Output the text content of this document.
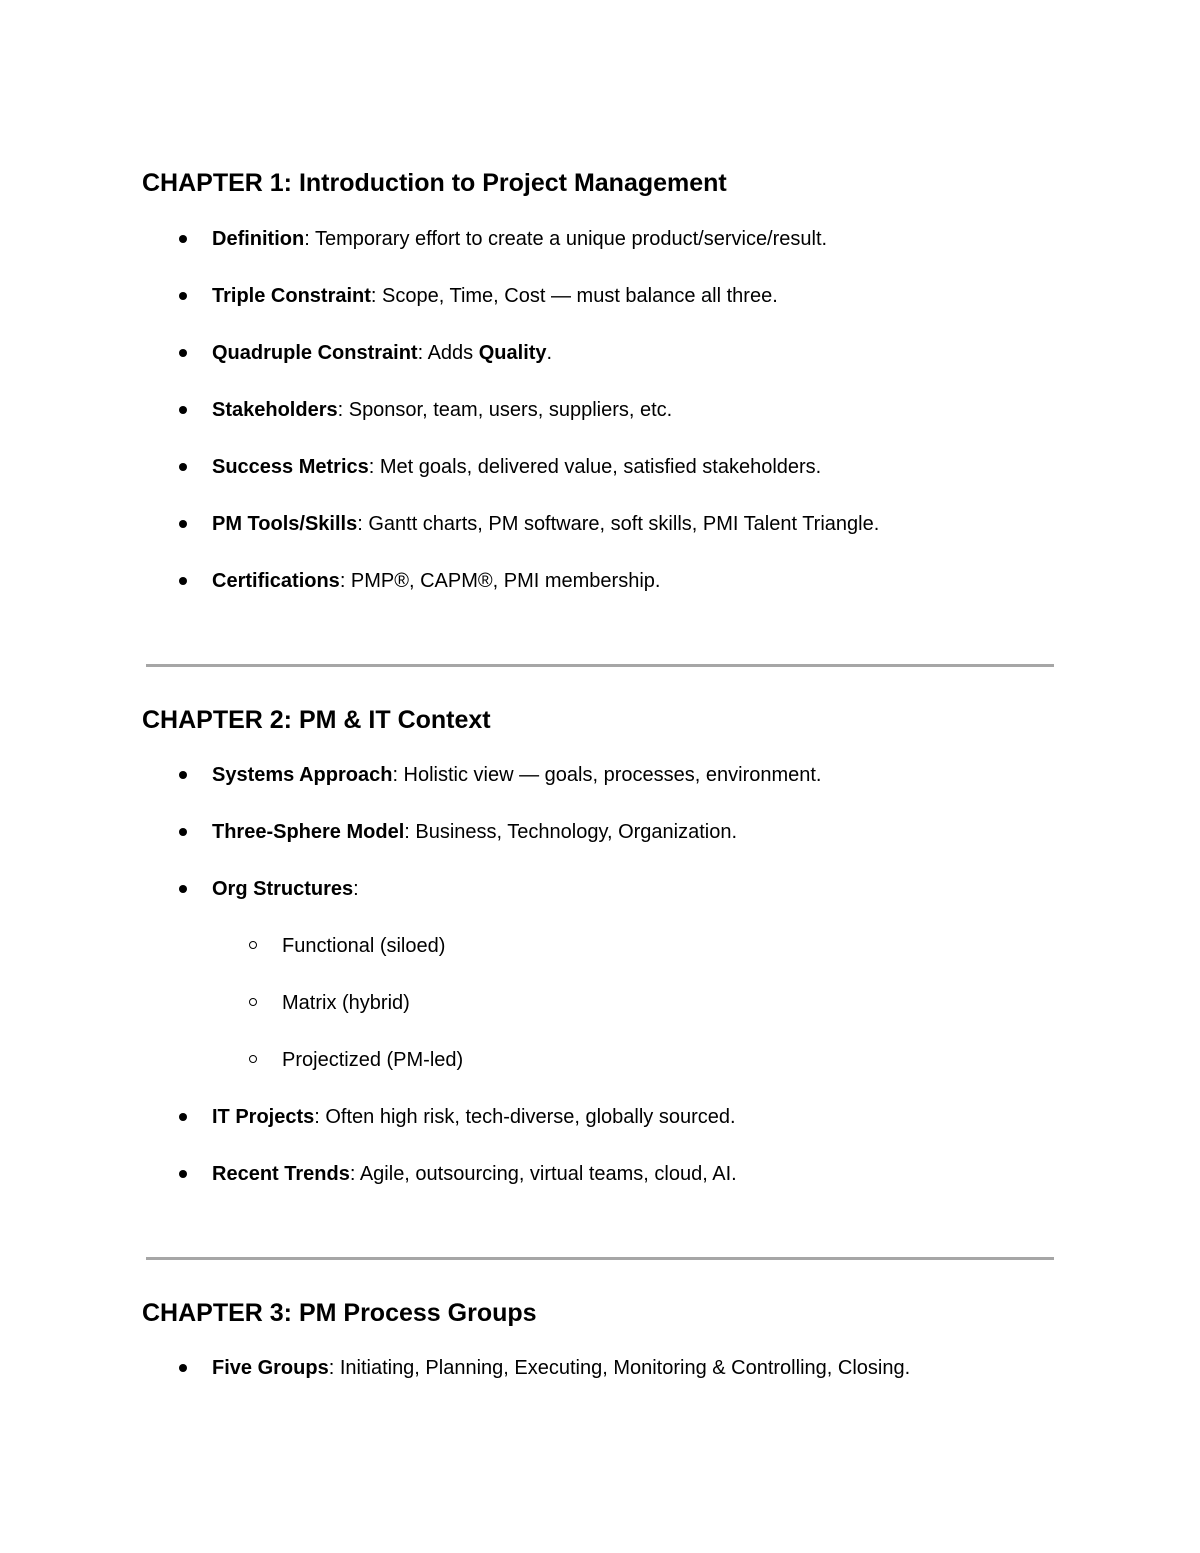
CHAPTER 1: Introduction to Project Management
Definition: Temporary effort to create a unique product/service/result.
Triple Constraint: Scope, Time, Cost — must balance all three.
Quadruple Constraint: Adds Quality.
Stakeholders: Sponsor, team, users, suppliers, etc.
Success Metrics: Met goals, delivered value, satisfied stakeholders.
PM Tools/Skills: Gantt charts, PM software, soft skills, PMI Talent Triangle.
Certifications: PMP®, CAPM®, PMI membership.
CHAPTER 2: PM & IT Context
Systems Approach: Holistic view — goals, processes, environment.
Three-Sphere Model: Business, Technology, Organization.
Org Structures:
Functional (siloed)
Matrix (hybrid)
Projectized (PM-led)
IT Projects: Often high risk, tech-diverse, globally sourced.
Recent Trends: Agile, outsourcing, virtual teams, cloud, AI.
CHAPTER 3: PM Process Groups
Five Groups: Initiating, Planning, Executing, Monitoring & Controlling, Closing.
